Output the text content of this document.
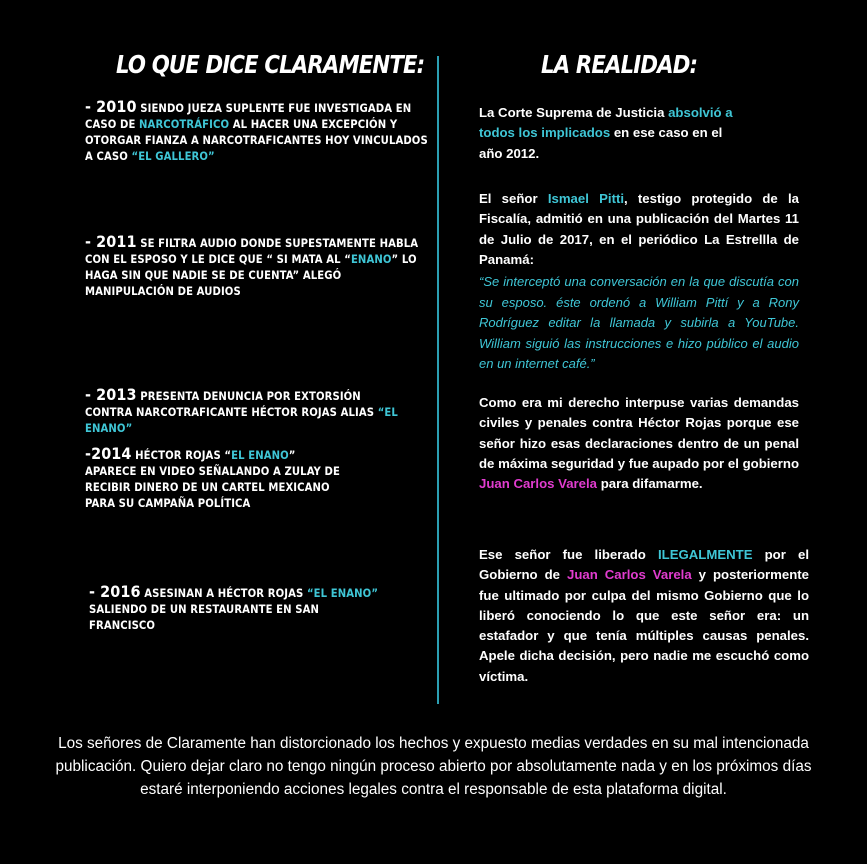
LO QUE DICE CLARAMENTE:	LA REALIDAD:
- 2010 SIENDO JUEZA SUPLENTE FUE INVESTIGADA EN CASO DE NARCOTRÁFICO AL HACER UNA EXCEPCIÓN Y OTORGAR FIANZA A NARCOTRAFICANTES HOY VINCULADOS A CASO “EL GALLERO”
- 2011 SE FILTRA AUDIO DONDE SUPESTAMENTE HABLA CON EL ESPOSO Y LE DICE QUE “ SI MATA AL “ENANO” LO HAGA SIN QUE NADIE SE DE CUENTA” ALEGÓ MANIPULACIÓN DE AUDIOS
- 2013 PRESENTA DENUNCIA POR EXTORSIÓN CONTRA NARCOTRAFICANTE HÉCTOR ROJAS ALIAS “EL ENANO”
-2014 HÉCTOR ROJAS “EL ENANO” APARECE EN VIDEO SEÑALANDO A ZULAY DE RECIBIR DINERO DE UN CARTEL MEXICANO PARA SU CAMPAÑA POLÍTICA
- 2016 ASESINAN A HÉCTOR ROJAS “EL ENANO” SALIENDO DE UN RESTAURANTE EN SAN FRANCISCO
La Corte Suprema de Justicia absolvió a todos los implicados en ese caso en el año 2012.
El señor Ismael Pitti, testigo protegido de la Fiscalía, admitió en una publicación del Martes 11 de Julio de 2017, en el periódico La Estrellla de Panamá:
“Se interceptó una conversación en la que discutía con su esposo. éste ordenó a William Pittí y a Rony Rodríguez editar la llamada y subirla a YouTube. William siguió las instrucciones e hizo público el audio en un internet café.”
Como era mi derecho interpuse varias demandas civiles y penales contra Héctor Rojas porque ese señor hizo esas declaraciones dentro de un penal de máxima seguridad y fue aupado por el gobierno Juan Carlos Varela para difamarme.
Ese señor fue liberado ILEGALMENTE por el Gobierno de Juan Carlos Varela y posteriormente fue ultimado por culpa del mismo Gobierno que lo liberó conociendo lo que este señor era: un estafador y que tenía múltiples causas penales. Apele dicha decisión, pero nadie me escuchó como víctima.
Los señores de Claramente han distorcionado los hechos y expuesto medias verdades en su mal intencionada publicación. Quiero dejar claro no tengo ningún proceso abierto por absolutamente nada y en los próximos días estaré interponiendo acciones legales contra el responsable de esta plataforma digital.
